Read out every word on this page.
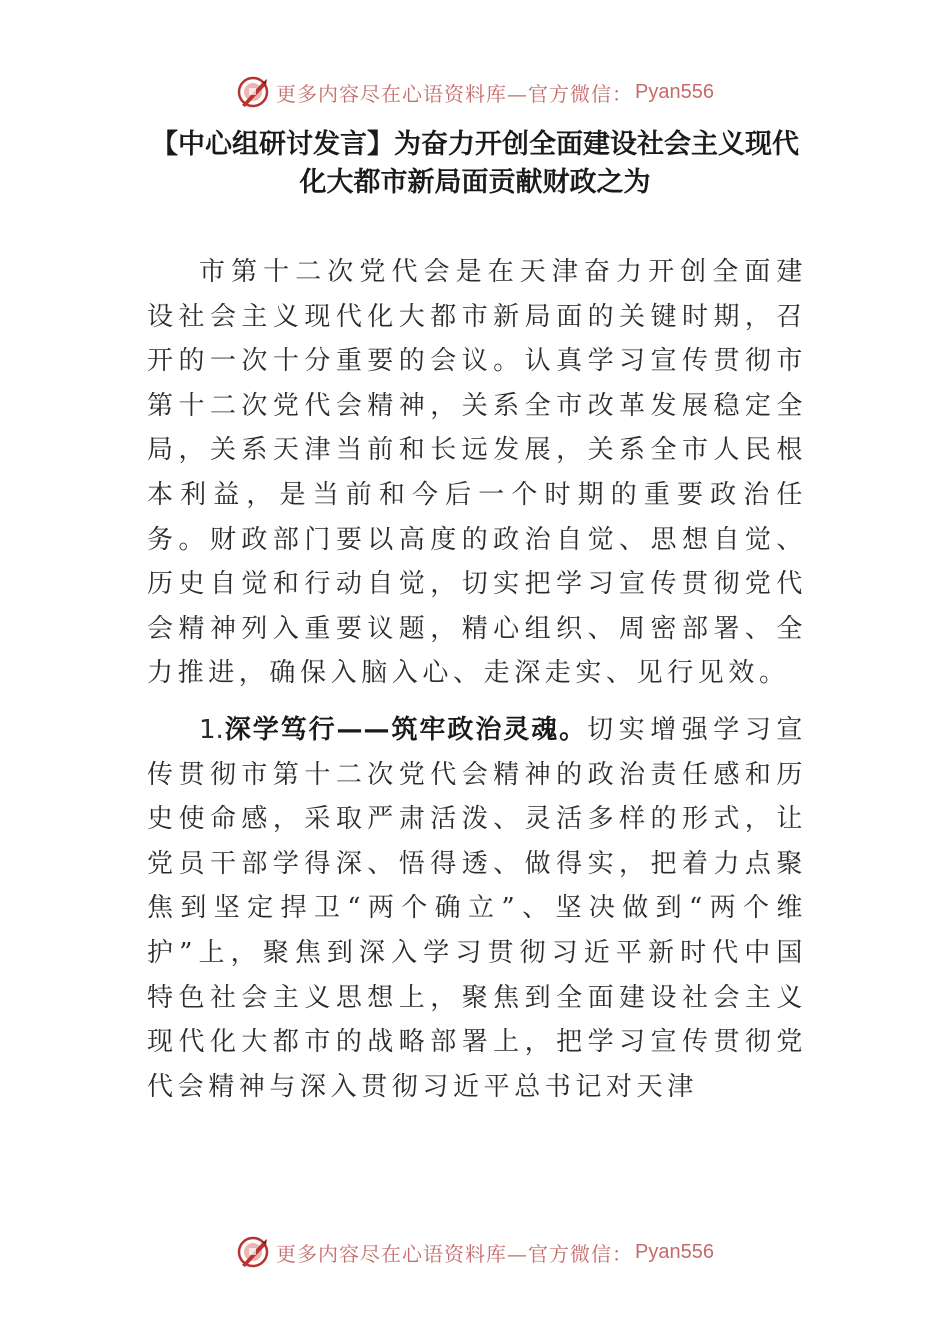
更多内容尽在心语资料库—官方微信： Pyan556
【中心组研讨发言】为奋力开创全面建设社会主义现代
化大都市新局面贡献财政之为

市第十二次党代会是在天津奋力开创全面建设社会主义现代化大都市新局面的关键时期，召开的一次十分重要的会议。认真学习宣传贯彻市第十二次党代会精神，关系全市改革发展稳定全局，关系天津当前和长远发展，关系全市人民根本利益，是当前和今后一个时期的重要政治任务。财政部门要以高度的政治自觉、思想自觉、历史自觉和行动自觉，切实把学习宣传贯彻党代会精神列入重要议题，精心组织、周密部署、全力推进，确保入脑入心、走深走实、见行见效。

1.深学笃行——筑牢政治灵魂。切实增强学习宣传贯彻市第十二次党代会精神的政治责任感和历史使命感，采取严肃活泼、灵活多样的形式，让党员干部学得深、悟得透、做得实，把着力点聚焦到坚定捍卫“两个确立”、坚决做到“两个维护”上，聚焦到深入学习贯彻习近平新时代中国特色社会主义思想上，聚焦到全面建设社会主义现代化大都市的战略部署上，把学习宣传贯彻党代会精神与深入贯彻习近平总书记对天津

更多内容尽在心语资料库—官方微信： Pyan556
